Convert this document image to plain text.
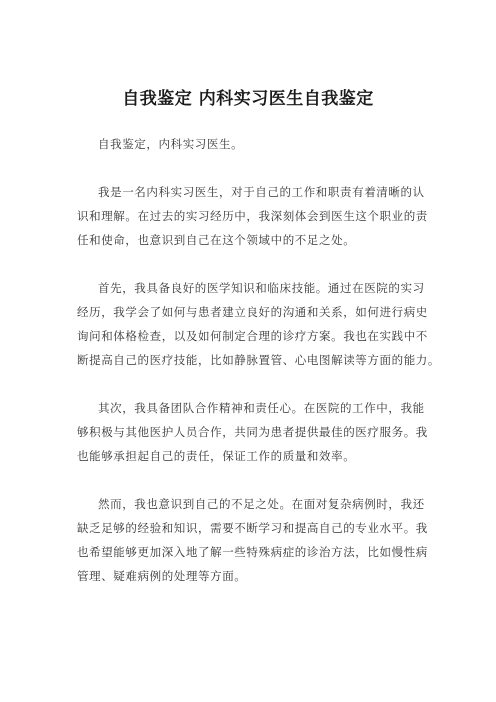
自我鉴定 内科实习医生自我鉴定
自我鉴定，内科实习医生。
我是一名内科实习医生，对于自己的工作和职责有着清晰的认
识和理解。在过去的实习经历中，我深刻体会到医生这个职业的责
任和使命，也意识到自己在这个领域中的不足之处。
首先，我具备良好的医学知识和临床技能。通过在医院的实习
经历，我学会了如何与患者建立良好的沟通和关系，如何进行病史
询问和体格检查，以及如何制定合理的诊疗方案。我也在实践中不
断提高自己的医疗技能，比如静脉置管、心电图解读等方面的能力。
其次，我具备团队合作精神和责任心。在医院的工作中，我能
够积极与其他医护人员合作，共同为患者提供最佳的医疗服务。我
也能够承担起自己的责任，保证工作的质量和效率。
然而，我也意识到自己的不足之处。在面对复杂病例时，我还
缺乏足够的经验和知识，需要不断学习和提高自己的专业水平。我
也希望能够更加深入地了解一些特殊病症的诊治方法，比如慢性病
管理、疑难病例的处理等方面。
